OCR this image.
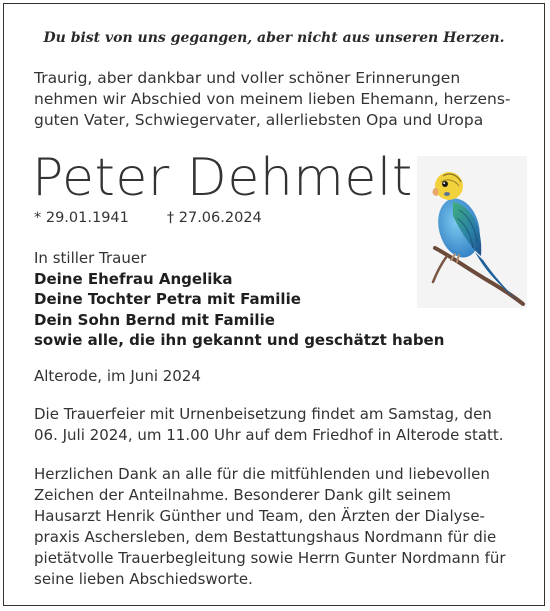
Du bist von uns gegangen, aber nicht aus unseren Herzen.
Traurig, aber dankbar und voller schöner Erinnerungen
nehmen wir Abschied von meinem lieben Ehemann, herzens-
guten Vater, Schwiegervater, allerliebsten Opa und Uropa
Peter Dehmelt
* 29.01.1941	† 27.06.2024
In stiller Trauer
Deine Ehefrau Angelika
Deine Tochter Petra mit Familie
Dein Sohn Bernd mit Familie
sowie alle, die ihn gekannt und geschätzt haben
Alterode, im Juni 2024
Die Trauerfeier mit Urnenbeisetzung findet am Samstag, den
06. Juli 2024, um 11.00 Uhr auf dem Friedhof in Alterode statt.
Herzlichen Dank an alle für die mitfühlenden und liebevollen
Zeichen der Anteilnahme. Besonderer Dank gilt seinem
Hausarzt Henrik Günther und Team, den Ärzten der Dialyse-
praxis Aschersleben, dem Bestattungshaus Nordmann für die
pietätvolle Trauerbegleitung sowie Herrn Gunter Nordmann für
seine lieben Abschiedsworte.
